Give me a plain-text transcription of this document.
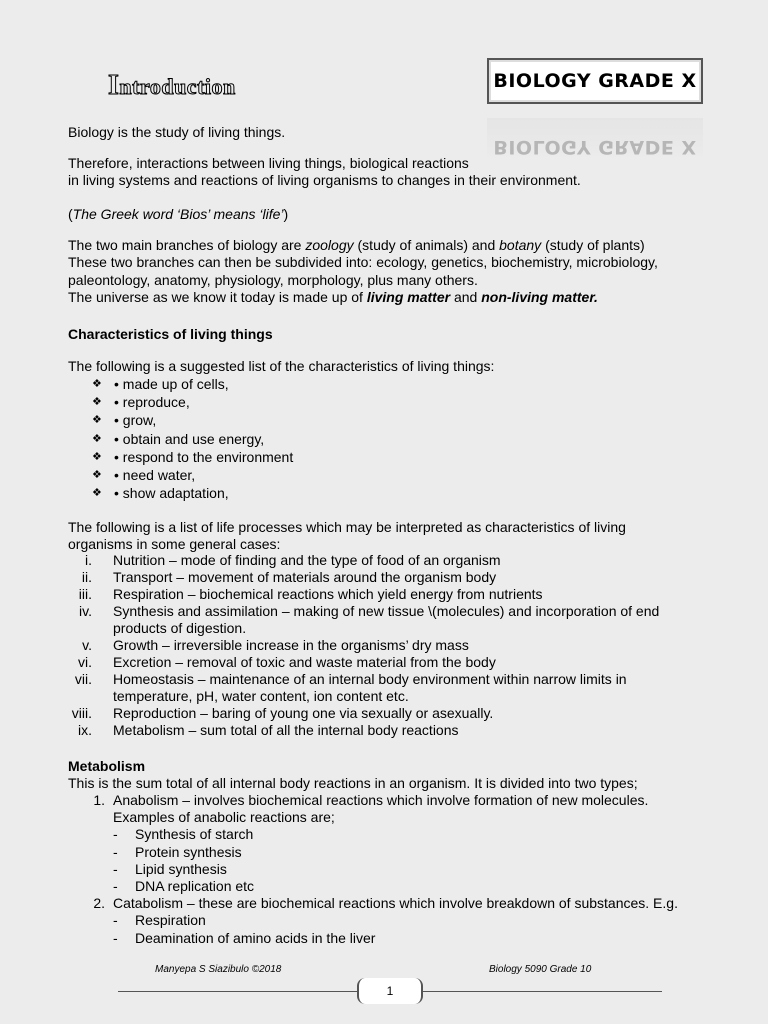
Introduction	BIOLOGY GRADE X
BIOLOGY GRADE X
Biology is the study of living things.
Therefore, interactions between living things, biological reactions
in living systems and reactions of living organisms to changes in their environment.
(The Greek word ‘Bios’ means ‘life’)
The two main branches of biology are zoology (study of animals) and botany (study of plants)
These two branches can then be subdivided into: ecology, genetics, biochemistry, microbiology,
paleontology, anatomy, physiology, morphology, plus many others.
The universe as we know it today is made up of living matter and non-living matter.
Characteristics of living things
The following is a suggested list of the characteristics of living things:
❖ • made up of cells,
❖ • reproduce,
❖ • grow,
❖ • obtain and use energy,
❖ • respond to the environment
❖ • need water,
❖ • show adaptation,
The following is a list of life processes which may be interpreted as characteristics of living
organisms in some general cases:
i.	Nutrition – mode of finding and the type of food of an organism
ii.	Transport – movement of materials around the organism body
iii.	Respiration – biochemical reactions which yield energy from nutrients
iv.	Synthesis and assimilation – making of new tissue \(molecules) and incorporation of end products of digestion.
v.	Growth – irreversible increase in the organisms’ dry mass
vi.	Excretion – removal of toxic and waste material from the body
vii.	Homeostasis – maintenance of an internal body environment within narrow limits in temperature, pH, water content, ion content etc.
viii.	Reproduction – baring of young one via sexually or asexually.
ix.	Metabolism – sum total of all the internal body reactions
Metabolism
This is the sum total of all internal body reactions in an organism. It is divided into two types;
1. Anabolism – involves biochemical reactions which involve formation of new molecules.
Examples of anabolic reactions are;
-	Synthesis of starch
-	Protein synthesis
-	Lipid synthesis
-	DNA replication etc
2. Catabolism – these are biochemical reactions which involve breakdown of substances. E.g.
-	Respiration
-	Deamination of amino acids in the liver
Manyepa S Siazibulo ©2018	Biology 5090 Grade 10
1
